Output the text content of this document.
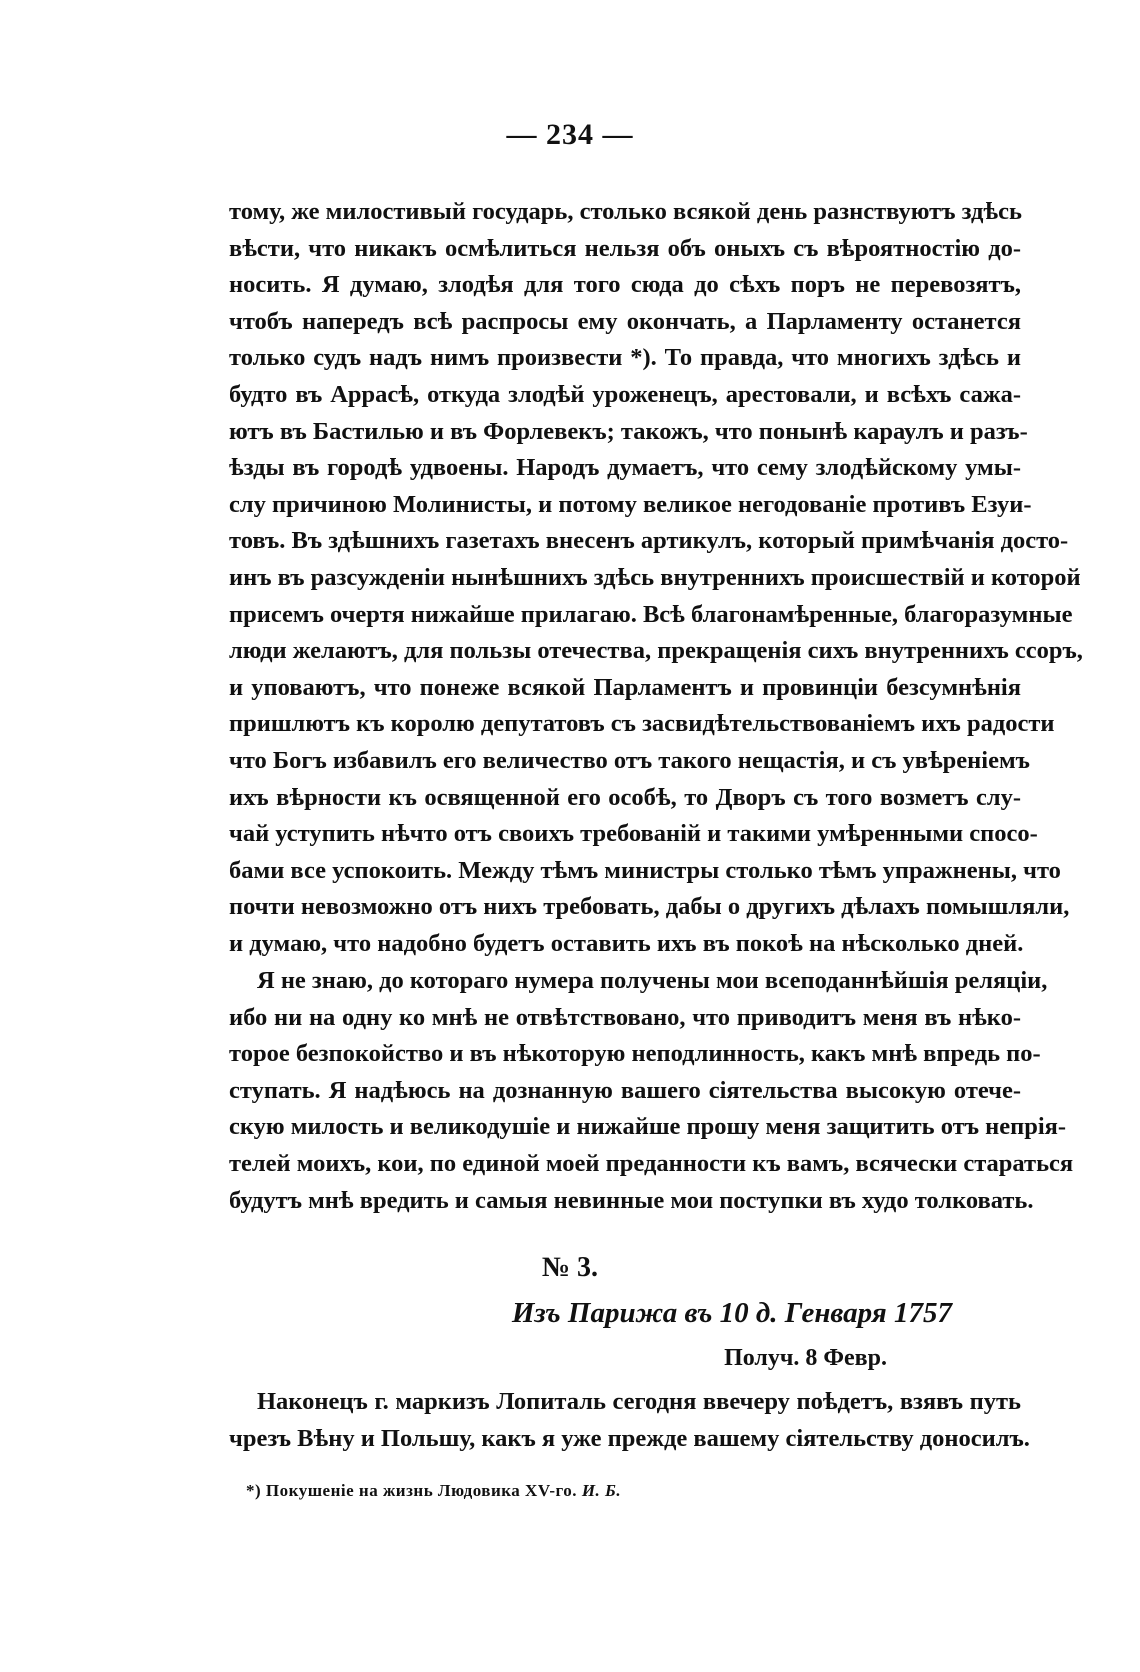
— 234 —
тому, же милостивый государь, столько всякой день разнствуютъ здѣсь
вѣсти, что никакъ осмѣлиться нельзя объ оныхъ съ вѣроятностію до-
носить. Я думаю, злодѣя для того сюда до сѣхъ поръ не перевозятъ,
чтобъ напередъ всѣ распросы ему окончать, а Парламенту останется
только судъ надъ нимъ произвести *). То правда, что многихъ здѣсь и
будто въ Аррасѣ, откуда злодѣй уроженецъ, арестовали, и всѣхъ сажа-
ютъ въ Бастилью и въ Форлевекъ; такожъ, что понынѣ караулъ и разъ-
ѣзды въ городѣ удвоены. Народъ думаетъ, что сему злодѣйскому умы-
слу причиною Молинисты, и потому великое негодованіе противъ Езуи-
товъ. Въ здѣшнихъ газетахъ внесенъ артикулъ, который примѣчанія досто-
инъ въ разсужденіи нынѣшнихъ здѣсь внутреннихъ происшествій и которой
присемъ очертя нижайше прилагаю. Всѣ благонамѣренные, благоразумные
люди желаютъ, для пользы отечества, прекращенія сихъ внутреннихъ ссоръ,
и уповаютъ, что понеже всякой Парламентъ и провинціи безсумнѣнія
пришлютъ къ королю депутатовъ съ засвидѣтельствованіемъ ихъ радости
что Богъ избавилъ его величество отъ такого нещастія, и съ увѣреніемъ
ихъ вѣрности къ освященной его особѣ, то Дворъ съ того возметъ слу-
чай уступить нѣчто отъ своихъ требованій и такими умѣренными спосо-
бами все успокоить. Между тѣмъ министры столько тѣмъ упражнены, что
почти невозможно отъ нихъ требовать, дабы о другихъ дѣлахъ помышляли,
и думаю, что надобно будетъ оставить ихъ въ покоѣ на нѣсколько дней.
Я не знаю, до котораго нумера получены мои всеподаннѣйшія реляціи,
ибо ни на одну ко мнѣ не отвѣтствовано, что приводитъ меня въ нѣко-
торое безпокойство и въ нѣкоторую неподлинность, какъ мнѣ впредь по-
ступать. Я надѣюсь на дознанную вашего сіятельства высокую отече-
скую милость и великодушіе и нижайше прошу меня защитить отъ непрія-
телей моихъ, кои, по единой моей преданности къ вамъ, всячески стараться
будутъ мнѣ вредить и самыя невинные мои поступки въ худо толковать.
№ 3.
Изъ Парижа въ 10 д. Генваря 1757
Получ. 8 Февр.
Наконецъ г. маркизъ Лопиталь сегодня ввечеру поѣдетъ, взявъ путь
чрезъ Вѣну и Польшу, какъ я уже прежде вашему сіятельству доносилъ.
*) Покушеніе на жизнь Людовика XV-го. И. Б.
